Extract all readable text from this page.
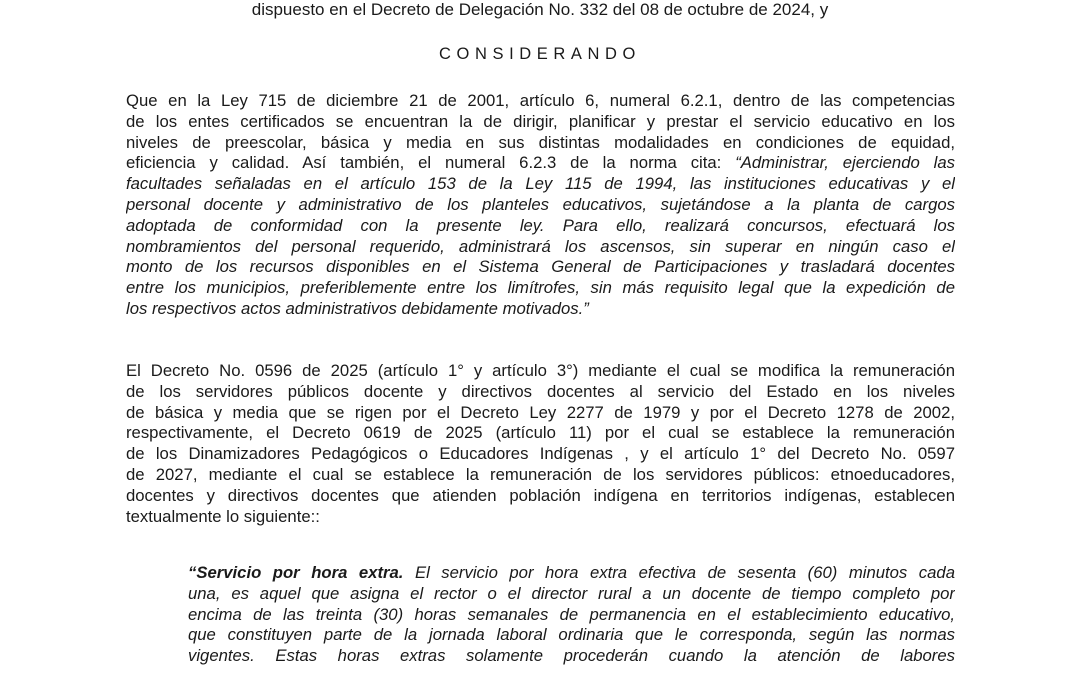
dispuesto en el Decreto de Delegación No. 332 del 08 de octubre de 2024, y
CONSIDERANDO
Que en la Ley 715 de diciembre 21 de 2001, artículo 6, numeral 6.2.1, dentro de las competencias
de los entes certificados se encuentran la de dirigir, planificar y prestar el servicio educativo en los
niveles de preescolar, básica y media en sus distintas modalidades en condiciones de equidad,
eficiencia y calidad. Así también, el numeral 6.2.3 de la norma cita: “Administrar, ejerciendo las
facultades señaladas en el artículo 153 de la Ley 115 de 1994, las instituciones educativas y el
personal docente y administrativo de los planteles educativos, sujetándose a la planta de cargos
adoptada de conformidad con la presente ley. Para ello, realizará concursos, efectuará los
nombramientos del personal requerido, administrará los ascensos, sin superar en ningún caso el
monto de los recursos disponibles en el Sistema General de Participaciones y trasladará docentes
entre los municipios, preferiblemente entre los limítrofes, sin más requisito legal que la expedición de
los respectivos actos administrativos debidamente motivados.”
El Decreto No. 0596 de 2025 (artículo 1° y artículo 3°) mediante el cual se modifica la remuneración
de los servidores públicos docente y directivos docentes al servicio del Estado en los niveles
de básica y media que se rigen por el Decreto Ley 2277 de 1979 y por el Decreto 1278 de 2002,
respectivamente, el Decreto 0619 de 2025 (artículo 11) por el cual se establece la remuneración
de los Dinamizadores Pedagógicos o Educadores Indígenas , y el artículo 1° del Decreto No. 0597
de 2027, mediante el cual se establece la remuneración de los servidores públicos: etnoeducadores,
docentes y directivos docentes que atienden población indígena en territorios indígenas, establecen
textualmente lo siguiente::
“Servicio por hora extra. El servicio por hora extra efectiva de sesenta (60) minutos cada
una, es aquel que asigna el rector o el director rural a un docente de tiempo completo por
encima de las treinta (30) horas semanales de permanencia en el establecimiento educativo,
que constituyen parte de la jornada laboral ordinaria que le corresponda, según las normas
vigentes. Estas horas extras solamente procederán cuando la atención de labores
